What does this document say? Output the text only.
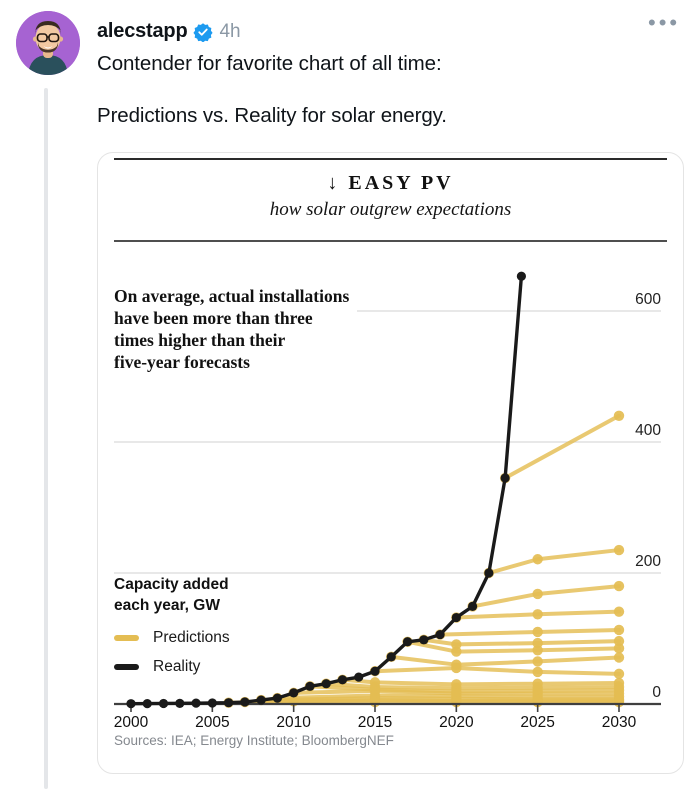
alecstapp 4h	•••
Contender for favorite chart of all time:
Predictions vs. Reality for solar energy.
0
200
400
600
2000	2005	2010	2015	2020	2025	2030
↓ EASY PV
how solar outgrew expectations
On average, actual installations
have been more than three
times higher than their
five-year forecasts
Capacity added
each year, GW
Predictions
Reality
Sources: IEA; Energy Institute; BloombergNEF
